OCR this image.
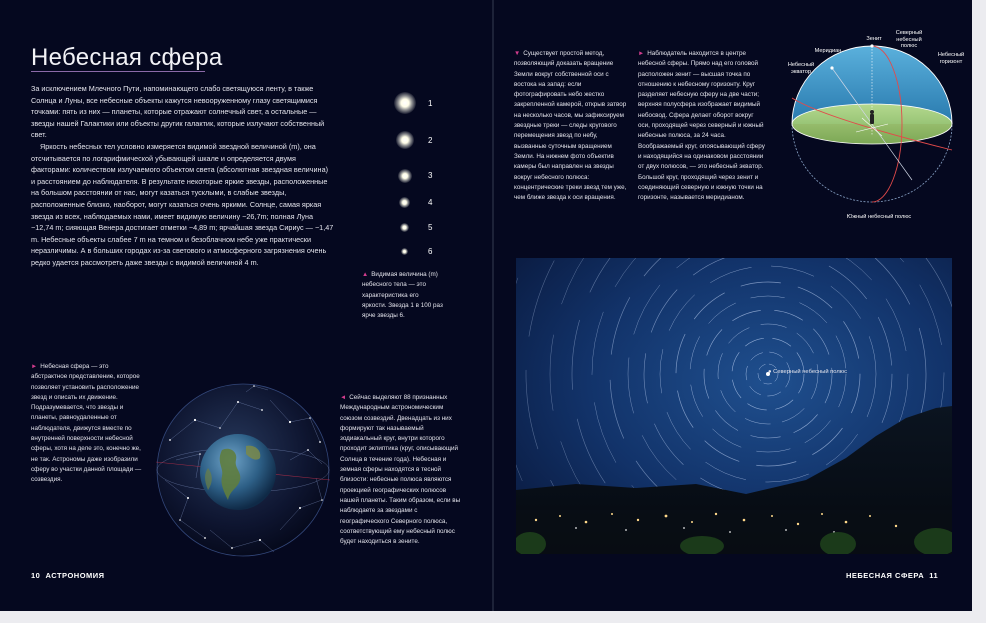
Небесная сфера

За исключением Млечного Пути, напоминающего слабо светящуюся ленту, в также Солнца и Луны, все небесные объекты кажутся невооруженному глазу светящимися точками: пять из них — планеты, которые отражают солнечный свет, а остальные — звезды нашей Галактики или объекты другик галактик, которые излучают собственный свет.

Яркость небесных тел условно измеряется видимой звездной величиной (m), она отсчитывается по логарифмической убывающей шкале и определяется двумя факторами: количеством излучаемого объектом света (абсолютная звездная величина) и расстоянием до наблюдателя. В результате некоторые яркие звезды, расположенные на большом расстоянии от нас, могут казаться тусклыми, в слабые звезды, расположенные близко, наоборот, могут казаться очень яркими. Солнце, самая яркая звезда из всех, наблюдаемых нами, имеет видимую величину −26,7m; полная Луна −12,74 m; сияющая Венера достигает отметки −4,89 m; ярчайшая звезда Сириус — −1,47 m. Небесные объекты слабее 7 m на темном и безоблачном небе уже практически неразличимы. А в больших городах из-за светового и атмосферного загрязнения очень редко удается рассмотреть даже звезды с видимой величиной 4 m.

1
2
3
4
5
6
▲ Видимая величина (m) небесного тела — это характеристика его яркости. Звезда 1 в 100 раз ярче звезды 6.
► Небесная сфера — это абстрактное представление, которое позволяет установить расположение звезд и описать их движение. Подразумевается, что звезды и планеты, равноудаленные от наблюдателя, движутся вместе по внутренней поверхности небесной сферы, хотя на деле это, конечно же, не так. Астрономы даже изобразили сферу во участки данной площади — созвездия.
◄ Сейчас выделяют 88 признанных Международным астрономическим союзом созвездий. Двенадцать из них формируют так называемый зодиакальный круг, внутри которого проходит эклиптика (круг, описывающий Солнца в течение года). Небесная и земная сферы находятся в тесной близости: небесные полюса являются проекцией географических полюсов нашей планеты. Таким образом, если вы наблюдаете за звездами с географического Северного полюса, соответствующий ему небесный полюс будет находиться в зените.
10 АСТРОНОМИЯ
▼ Существует простой метод, позволяющий доказать вращение Земли вокруг собственной оси с востока на запад: если фотографировать небо жестко закрепленной камерой, открыв затвор на несколько часов, мы зафиксируем звездные треки — следы кругового перемещения звезд по небу, вызванные суточным вращением Земли. На нижнем фото объектив камеры был направлен на звезды вокруг небесного полюса: концентрические треки звезд тем уже, чем ближе звезда к оси вращения.
► Наблюдатель находится в центре небесной сферы. Прямо над его головой расположен зенит — высшая точка по отношению к небесному горизонту. Круг разделяет небесную сферу на две части; верхняя полусфера изображает видимый небосвод. Сфера делает оборот вокруг оси, проходящей через северный и южный небесные полюса, за 24 часа. Воображаемый круг, опоясывающий сферу и находящийся на одинаковом расстоянии от двух полюсов, — это небесный экватор. Большой круг, проходящий через зенит и соединяющий северную и южную точки на горизонте, называется меридианом.
Зенит
Меридиан
Северный небесный полюс
Небесный экватор
Небесный горизонт
Южный небесный полюс
● Северный небесный полюс
НЕБЕСНАЯ СФЕРА 11
